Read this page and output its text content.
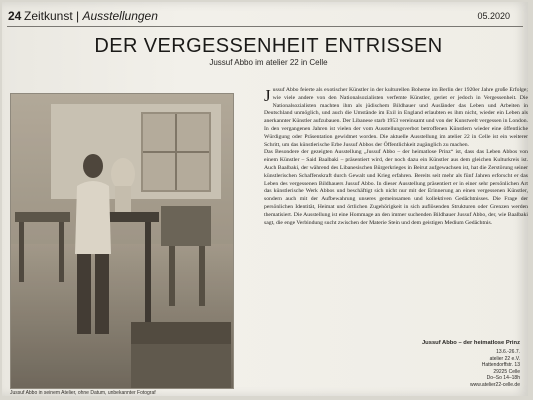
24 Zeitkunst | Ausstellungen	05.2020
DER VERGESSENHEIT ENTRISSEN
Jussuf Abbo im atelier 22 in Celle
Jussuf Abbo in seinem Atelier, ohne Datum, unbekannter Fotograf

Jussuf Abbo feierte als exotischer Künstler in der kulturellen Boheme im Berlin der 1920er Jahre große Erfolge; wie viele andere von den Nationalsozialisten verfemte Künstler, geriet er jedoch in Vergessenheit. Die Nationalsozialisten machten ihm als jüdischem Bildhauer und Ausländer das Leben und Arbeiten in Deutschland unmöglich, und auch die Umstände im Exil in England erlaubten es ihm nicht, wieder ein Leben als anerkannter Künstler aufzubauen. Der Libanese starb 1953 vereinsamt und von der Kunstwelt vergessen in London. In den vergangenen Jahren ist vielen der vom Ausstellungsverbot betroffenen Künstlern wieder eine öffentliche Würdigung oder Präsentation gewidmet worden. Die aktuelle Ausstellung im atelier 22 in Celle ist ein weiterer Schritt, um das künstlerische Erbe Jussuf Abbos der Öffentlichkeit zugänglich zu machen.

Das Besondere der gezeigten Ausstellung „Jussuf Abbo – der heimatlose Prinz“ ist, dass das Leben Abbos von einem Künstler – Said Baalbaki – präsentiert wird, der noch dazu ein Künstler aus dem gleichen Kulturkreis ist. Auch Baalbaki, der während des Libanesischen Bürgerkrieges in Beirut aufgewachsen ist, hat die Zerstörung seiner künstlerischen Schaffenskraft durch Gewalt und Krieg erfahren. Bereits seit mehr als fünf Jahren erforscht er das Leben des vergessenen Bildhauers Jussuf Abbo. In dieser Ausstellung präsentiert er in einer sehr persönlichen Art das künstlerische Werk Abbos und beschäftigt sich nicht nur mit der Erinnerung an einen vergessenen Künstler, sondern auch mit der Aufbewahrung unseres gemeinsamen und kollektiven Gedächtnisses. Die Frage der persönlichen Identität, Heimat und örtlichen Zugehörigkeit in sich auflösenden Strukturen oder Grenzen werden thematisiert. Die Ausstellung ist eine Hommage an den immer suchenden Bildhauer Jussuf Abbo, der, wie Baalbaki sagt, die enge Verbindung sucht zwischen der Materie Stein und dem geistigen Medium Gedächtnis.

Jussuf Abbo – der heimatlose Prinz
13.6.-26.7.
atelier 22 e.V.
Hattendorffstr. 13
29225 Celle
Do–So 14–18h
www.atelier22-celle.de
